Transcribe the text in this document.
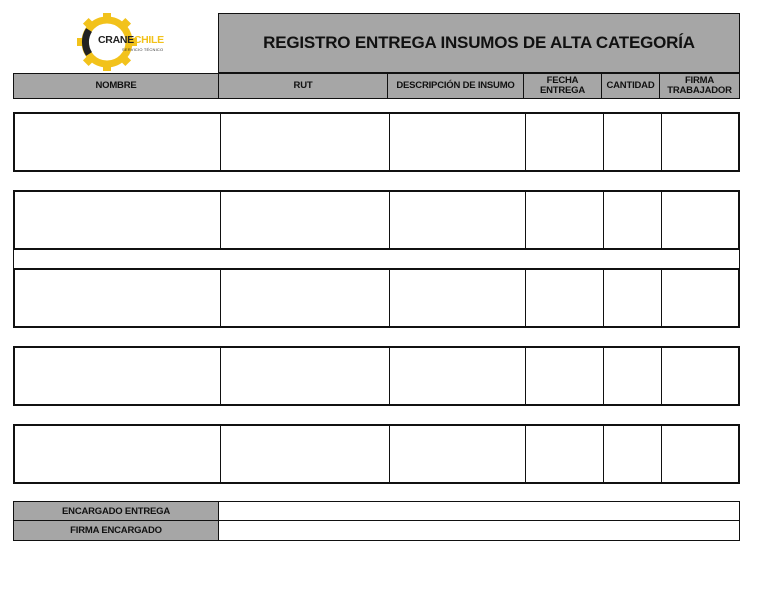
CRANE CHILE
SERVICIO TÉCNICO	REGISTRO ENTREGA INSUMOS DE ALTA CATEGORÍA
NOMBRE	RUT	DESCRIPCIÓN DE INSUMO	FECHA ENTREGA	CANTIDAD	FIRMA TRABAJADOR
ENCARGADO ENTREGA
FIRMA ENCARGADO
